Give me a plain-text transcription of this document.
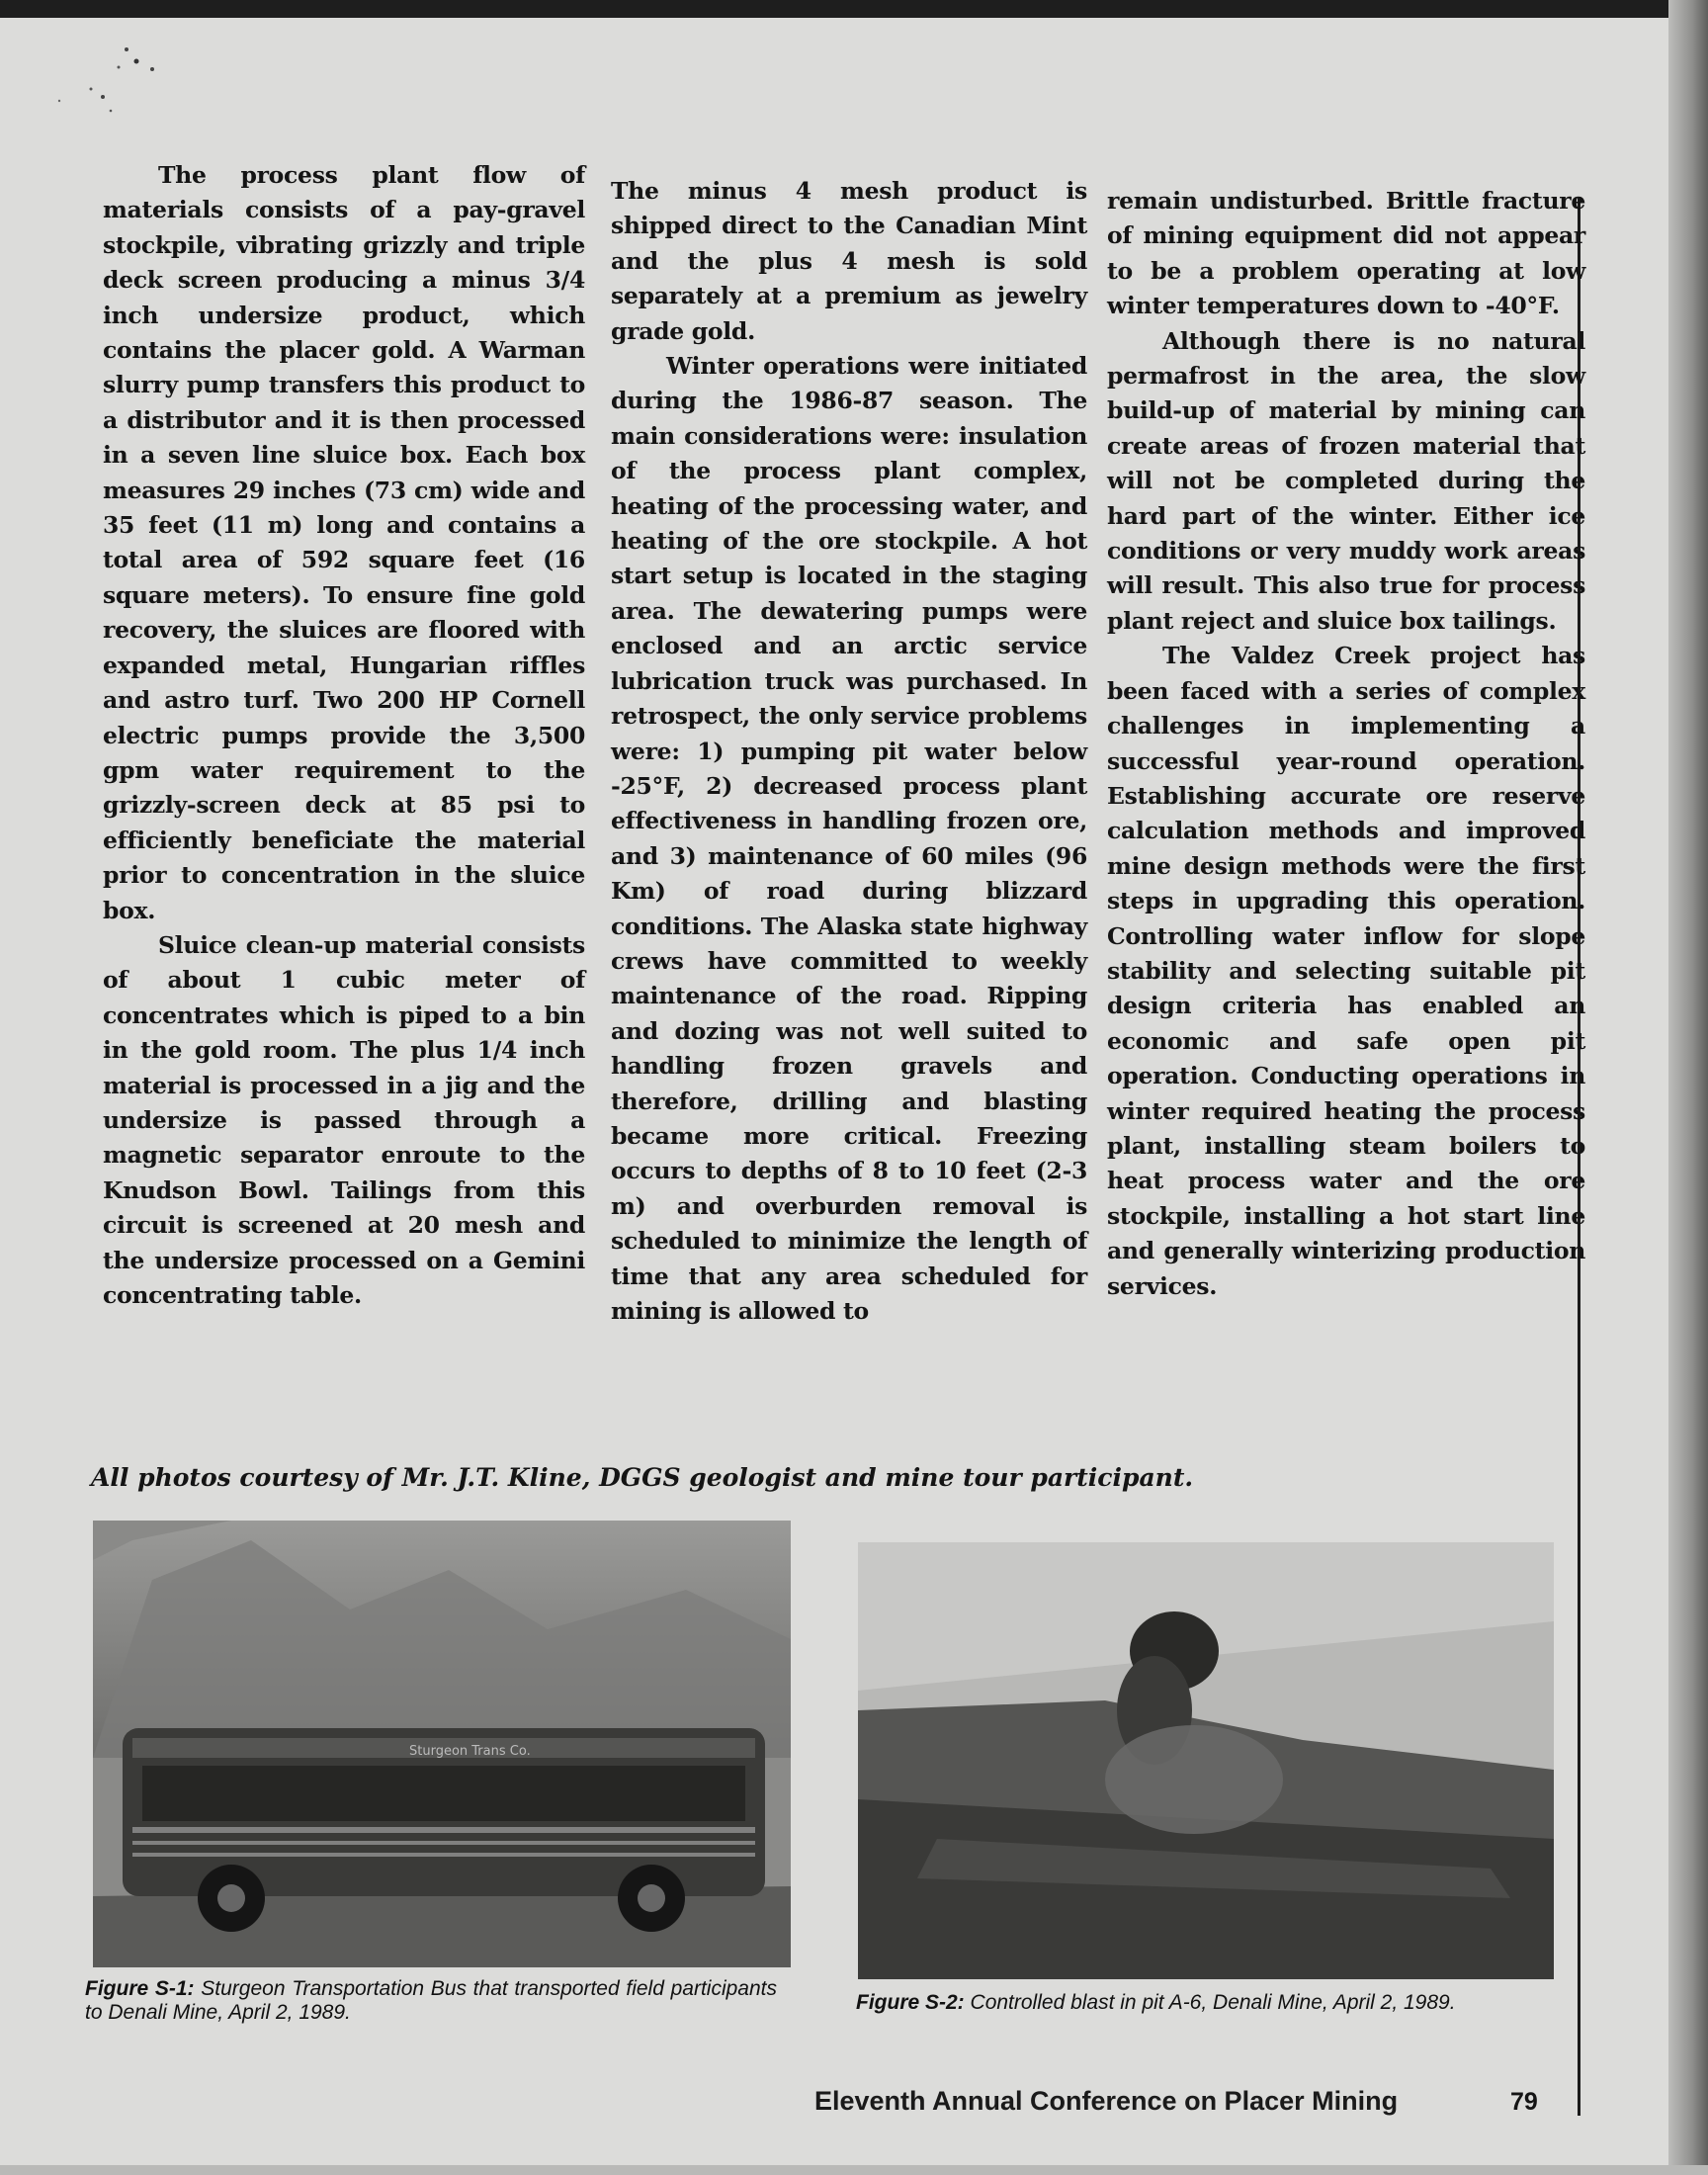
The process plant flow of materials consists of a pay-gravel stockpile, vibrating grizzly and triple deck screen producing a minus 3/4 inch undersize product, which contains the placer gold. A Warman slurry pump transfers this product to a distributor and it is then processed in a seven line sluice box. Each box measures 29 inches (73 cm) wide and 35 feet (11 m) long and contains a total area of 592 square feet (16 square meters). To ensure fine gold recovery, the sluices are floored with expanded metal, Hungarian riffles and astro turf. Two 200 HP Cornell electric pumps provide the 3,500 gpm water requirement to the grizzly-screen deck at 85 psi to efficiently beneficiate the material prior to concentration in the sluice box.

Sluice clean-up material consists of about 1 cubic meter of concentrates which is piped to a bin in the gold room. The plus 1/4 inch material is processed in a jig and the undersize is passed through a magnetic separator enroute to the Knudson Bowl. Tailings from this circuit is screened at 20 mesh and the undersize processed on a Gemini concentrating table.

The minus 4 mesh product is shipped direct to the Canadian Mint and the plus 4 mesh is sold separately at a premium as jewelry grade gold.

Winter operations were initiated during the 1986-87 season. The main considerations were: insulation of the process plant complex, heating of the processing water, and heating of the ore stockpile. A hot start setup is located in the staging area. The dewatering pumps were enclosed and an arctic service lubrication truck was purchased. In retrospect, the only service problems were: 1) pumping pit water below -25°F, 2) decreased process plant effectiveness in handling frozen ore, and 3) maintenance of 60 miles (96 Km) of road during blizzard conditions. The Alaska state highway crews have committed to weekly maintenance of the road. Ripping and dozing was not well suited to handling frozen gravels and therefore, drilling and blasting became more critical. Freezing occurs to depths of 8 to 10 feet (2-3 m) and overburden removal is scheduled to minimize the length of time that any area scheduled for mining is allowed to

remain undisturbed. Brittle fracture of mining equipment did not appear to be a problem operating at low winter temperatures down to -40°F.

Although there is no natural permafrost in the area, the slow build-up of material by mining can create areas of frozen material that will not be completed during the hard part of the winter. Either ice conditions or very muddy work areas will result. This also true for process plant reject and sluice box tailings.

The Valdez Creek project has been faced with a series of complex challenges in implementing a successful year-round operation. Establishing accurate ore reserve calculation methods and improved mine design methods were the first steps in upgrading this operation. Controlling water inflow for slope stability and selecting suitable pit design criteria has enabled an economic and safe open pit operation. Conducting operations in winter required heating the process plant, installing steam boilers to heat process water and the ore stockpile, installing a hot start line and generally winterizing production services.

All photos courtesy of Mr. J.T. Kline, DGGS geologist and mine tour participant.
Sturgeon Trans Co.
Figure S-1: Sturgeon Transportation Bus that transported field participants to Denali Mine, April 2, 1989.	Figure S-2: Controlled blast in pit A-6, Denali Mine, April 2, 1989.
Eleventh Annual Conference on Placer Mining	79
